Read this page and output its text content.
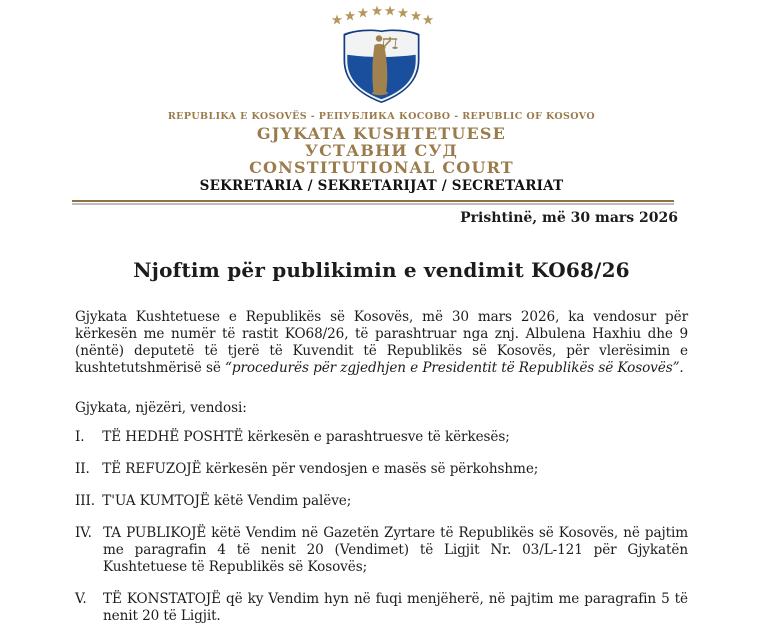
REPUBLIKA E KOSOVËS - РЕПУБЛИКА КОСОВО - REPUBLIC OF KOSOVO
GJYKATA KUSHTETUESE
УСТАВНИ СУД
CONSTITUTIONAL COURT
SEKRETARIA / SEKRETARIJAT / SECRETARIAT
Prishtinë, më 30 mars 2026
Njoftim për publikimin e vendimit KO68/26

Gjykata Kushtetuese e Republikës së Kosovës, më 30 mars 2026, ka vendosur për kërkesën me numër të rastit KO68/26, të parashtruar nga znj. Albulena Haxhiu dhe 9 (nëntë) deputetë të tjerë të Kuvendit të Republikës së Kosovës, për vlerësimin e kushtetutshmërisë së “procedurës për zgjedhjen e Presidentit të Republikës së Kosovës”.

Gjykata, njëzëri, vendosi:

I. TË HEDHË POSHTË kërkesën e parashtruesve të kërkesës;

II. TË REFUZOJË kërkesën për vendosjen e masës së përkohshme;

III. T'UA KUMTOJË këtë Vendim palëve;

IV. TA PUBLIKOJË këtë Vendim në Gazetën Zyrtare të Republikës së Kosovës, në pajtim me paragrafin 4 të nenit 20 (Vendimet) të Ligjit Nr. 03/L-121 për Gjykatën Kushtetuese të Republikës së Kosovës;

V. TË KONSTATOJË që ky Vendim hyn në fuqi menjëherë, në pajtim me paragrafin 5 të nenit 20 të Ligjit.
